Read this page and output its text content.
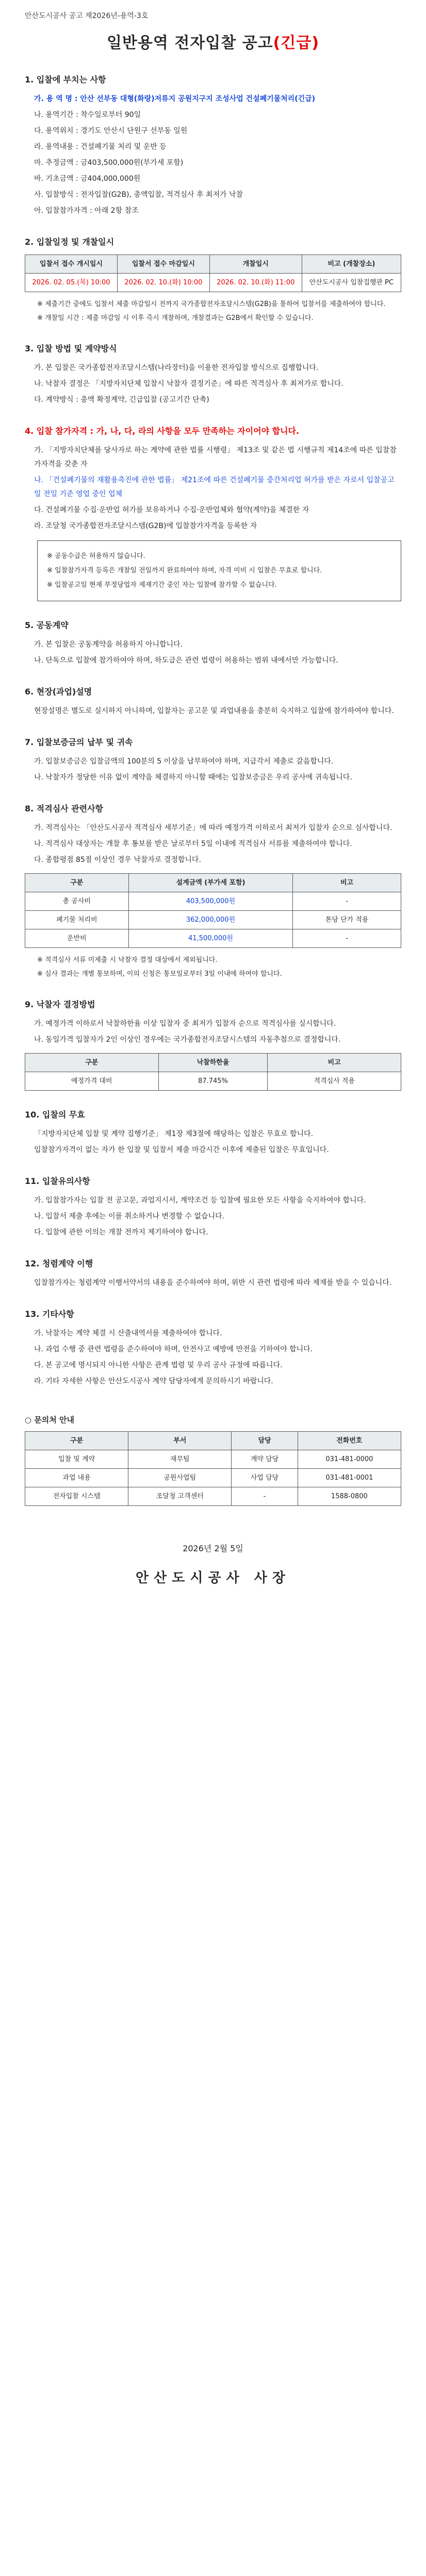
안산도시공사 공고 제2026년-용역-3호
일반용역 전자입찰 공고(긴급)
1. 입찰에 부치는 사항
가. 용 역 명 : 안산 선부동 대형(화랑)저류지 공원지구지 조성사업 건설폐기물처리(긴급)
나. 용역기간 : 착수일로부터 90일
다. 용역위치 : 경기도 안산시 단원구 선부동 일원
라. 용역내용 : 건설폐기물 처리 및 운반 등
마. 추정금액 : 금403,500,000원(부가세 포함)
바. 기초금액 : 금404,000,000원
사. 입찰방식 : 전자입찰(G2B), 총액입찰, 적격심사 후 최저가 낙찰
아. 입찰참가자격 : 아래 2항 참조
2. 입찰일정 및 개찰일시
입찰서 접수 개시일시	입찰서 접수 마감일시	개찰일시	비고 (개찰장소)
2026. 02. 05.(목) 10:00	2026. 02. 10.(화) 10:00	2026. 02. 10.(화) 11:00	안산도시공사 입찰집행관 PC
※ 제출기간 중에도 입찰서 제출 마감일시 전까지 국가종합전자조달시스템(G2B)을 통하여 입찰서를 제출하여야 합니다.
※ 개찰일 시간 : 제출 마감일 시 이후 즉시 개찰하며, 개찰결과는 G2B에서 확인할 수 있습니다.
3. 입찰 방법 및 계약방식
가. 본 입찰은 국가종합전자조달시스템(나라장터)을 이용한 전자입찰 방식으로 집행합니다.
나. 낙찰자 결정은 「지방자치단체 입찰시 낙찰자 결정기준」에 따른 적격심사 후 최저가로 합니다.
다. 계약방식 : 총액 확정계약, 긴급입찰 (공고기간 단축)
4. 입찰 참가자격 : 가, 나, 다, 라의 사항을 모두 만족하는 자이어야 합니다.
가. 「지방자치단체를 당사자로 하는 계약에 관한 법률 시행령」 제13조 및 같은 법 시행규칙 제14조에 따른 입찰참가자격을 갖춘 자
나. 「건설폐기물의 재활용촉진에 관한 법률」 제21조에 따른 건설폐기물 중간처리업 허가를 받은 자로서 입찰공고일 전일 기준 영업 중인 업체
다. 건설폐기물 수집·운반업 허가를 보유하거나 수집·운반업체와 협약(계약)을 체결한 자
라. 조달청 국가종합전자조달시스템(G2B)에 입찰참가자격을 등록한 자

※ 공동수급은 허용하지 않습니다.

※ 입찰참가자격 등록은 개찰일 전일까지 완료하여야 하며, 자격 미비 시 입찰은 무효로 합니다.

※ 입찰공고일 현재 부정당업자 제재기간 중인 자는 입찰에 참가할 수 없습니다.

5. 공동계약
가. 본 입찰은 공동계약을 허용하지 아니합니다.
나. 단독으로 입찰에 참가하여야 하며, 하도급은 관련 법령이 허용하는 범위 내에서만 가능합니다.
6. 현장(과업)설명
현장설명은 별도로 실시하지 아니하며, 입찰자는 공고문 및 과업내용을 충분히 숙지하고 입찰에 참가하여야 합니다.
7. 입찰보증금의 납부 및 귀속
가. 입찰보증금은 입찰금액의 100분의 5 이상을 납부하여야 하며, 지급각서 제출로 갈음합니다.
나. 낙찰자가 정당한 이유 없이 계약을 체결하지 아니할 때에는 입찰보증금은 우리 공사에 귀속됩니다.
8. 적격심사 관련사항
가. 적격심사는 「안산도시공사 적격심사 세부기준」에 따라 예정가격 이하로서 최저가 입찰자 순으로 심사합니다.
나. 적격심사 대상자는 개찰 후 통보를 받은 날로부터 5일 이내에 적격심사 서류를 제출하여야 합니다.
다. 종합평점 85점 이상인 경우 낙찰자로 결정합니다.
구분	설계금액 (부가세 포함)	비고
총 공사비	403,500,000원	-
폐기물 처리비	362,000,000원	톤당 단가 적용
운반비	41,500,000원	-
※ 적격심사 서류 미제출 시 낙찰자 결정 대상에서 제외됩니다.
※ 심사 결과는 개별 통보하며, 이의 신청은 통보일로부터 3일 이내에 하여야 합니다.
9. 낙찰자 결정방법
가. 예정가격 이하로서 낙찰하한율 이상 입찰자 중 최저가 입찰자 순으로 적격심사를 실시합니다.
나. 동일가격 입찰자가 2인 이상인 경우에는 국가종합전자조달시스템의 자동추첨으로 결정합니다.
구분	낙찰하한율	비고
예정가격 대비	87.745%	적격심사 적용
10. 입찰의 무효
「지방자치단체 입찰 및 계약 집행기준」 제1장 제3절에 해당하는 입찰은 무효로 합니다.
입찰참가자격이 없는 자가 한 입찰 및 입찰서 제출 마감시간 이후에 제출된 입찰은 무효입니다.
11. 입찰유의사항
가. 입찰참가자는 입찰 전 공고문, 과업지시서, 계약조건 등 입찰에 필요한 모든 사항을 숙지하여야 합니다.
나. 입찰서 제출 후에는 이를 취소하거나 변경할 수 없습니다.
다. 입찰에 관한 이의는 개찰 전까지 제기하여야 합니다.
12. 청렴계약 이행
입찰참가자는 청렴계약 이행서약서의 내용을 준수하여야 하며, 위반 시 관련 법령에 따라 제재를 받을 수 있습니다.
13. 기타사항
가. 낙찰자는 계약 체결 시 산출내역서를 제출하여야 합니다.
나. 과업 수행 중 관련 법령을 준수하여야 하며, 안전사고 예방에 만전을 기하여야 합니다.
다. 본 공고에 명시되지 아니한 사항은 관계 법령 및 우리 공사 규정에 따릅니다.
라. 기타 자세한 사항은 안산도시공사 계약 담당자에게 문의하시기 바랍니다.
○ 문의처 안내
구분	부서	담당	전화번호
입찰 및 계약	재무팀	계약 담당	031-481-0000
과업 내용	공원사업팀	사업 담당	031-481-0001
전자입찰 시스템	조달청 고객센터	-	1588-0800
2026년 2월 5일
안산도시공사 사장
